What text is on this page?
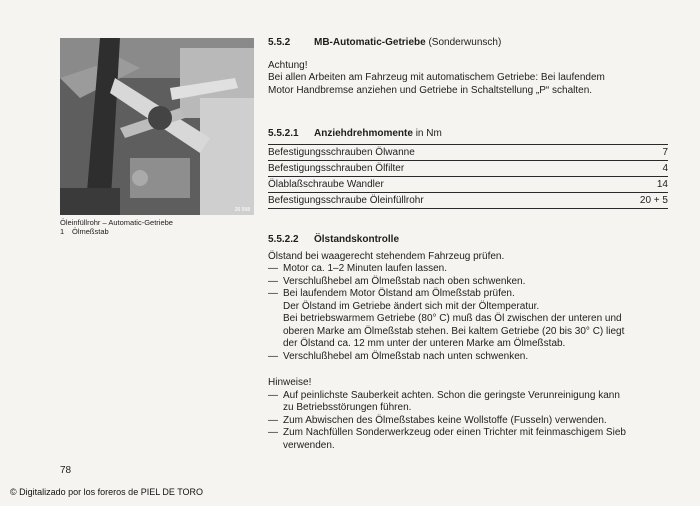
26 008
Öleinfüllrohr – Automatic-Getriebe
1 Ölmeßstab
5.5.2 MB-Automatic-Getriebe (Sonderwunsch)
Achtung!
Bei allen Arbeiten am Fahrzeug mit automatischem Getriebe: Bei laufendem
Motor Handbremse anziehen und Getriebe in Schaltstellung „P“ schalten.
5.5.2.1 Anziehdrehmomente in Nm
Befestigungsschrauben Ölwanne	7
Befestigungsschrauben Ölfilter	4
Ölablaßschraube Wandler	14
Befestigungsschraube Öleinfüllrohr	20 + 5
5.5.2.2 Ölstandskontrolle
Ölstand bei waagerecht stehendem Fahrzeug prüfen.
— Motor ca. 1–2 Minuten laufen lassen.
— Verschlußhebel am Ölmeßstab nach oben schwenken.
— Bei laufendem Motor Ölstand am Ölmeßstab prüfen.
Der Ölstand im Getriebe ändert sich mit der Öltemperatur.
Bei betriebswarmem Getriebe (80° C) muß das Öl zwischen der unteren und
oberen Marke am Ölmeßstab stehen. Bei kaltem Getriebe (20 bis 30° C) liegt
der Ölstand ca. 12 mm unter der unteren Marke am Ölmeßstab.
— Verschlußhebel am Ölmeßstab nach unten schwenken.
Hinweise!
— Auf peinlichste Sauberkeit achten. Schon die geringste Verunreinigung kann
zu Betriebsstörungen führen.
— Zum Abwischen des Ölmeßstabes keine Wollstoffe (Fusseln) verwenden.
— Zum Nachfüllen Sonderwerkzeug oder einen Trichter mit feinmaschigem Sieb
verwenden.
78
© Digitalizado por los foreros de PIEL DE TORO
